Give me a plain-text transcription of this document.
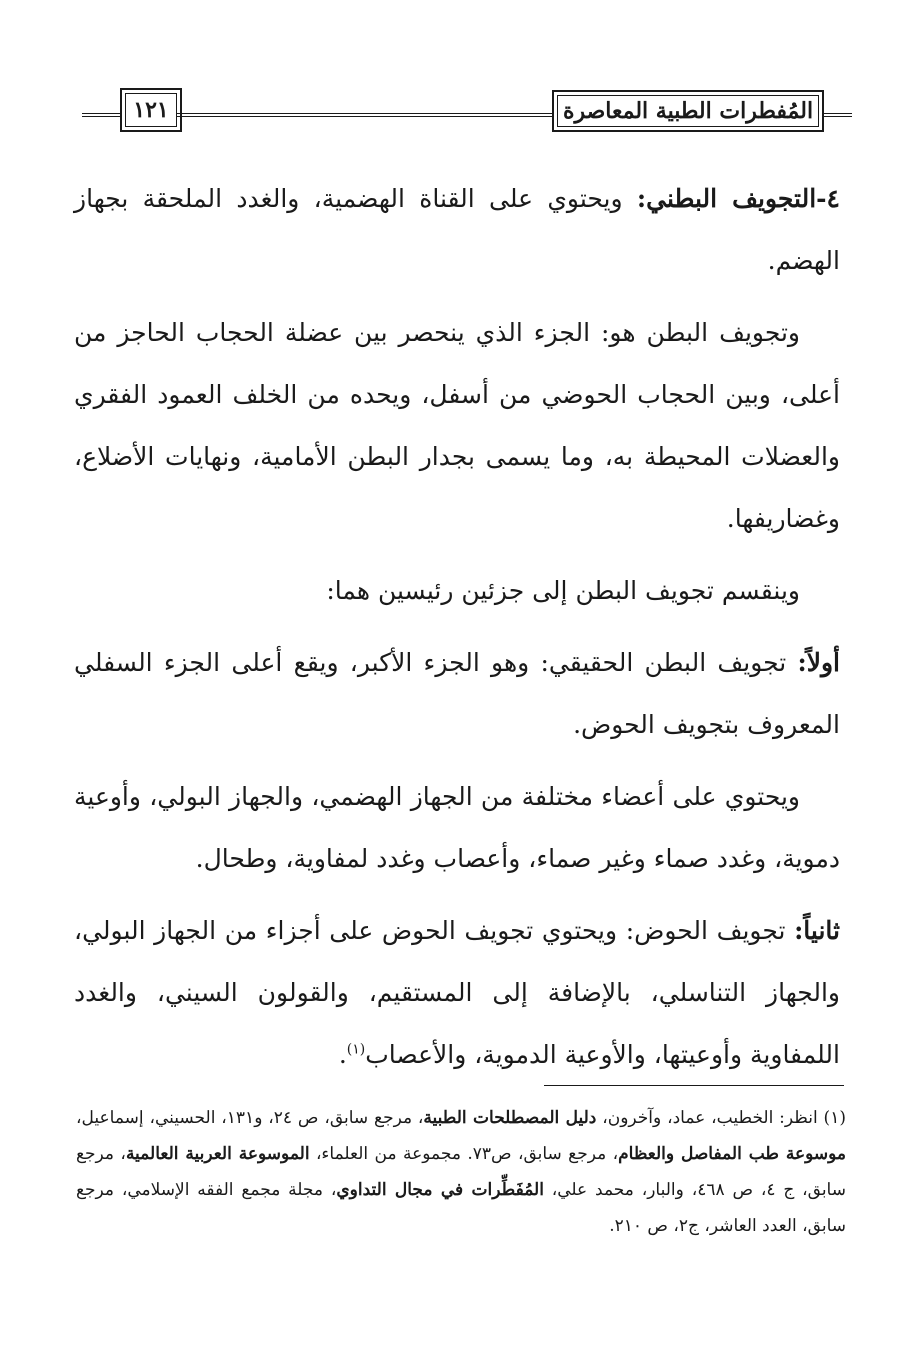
١٢١	المُفطرات الطبية المعاصرة

٤-التجويف البطني: ويحتوي على القناة الهضمية، والغدد الملحقة بجهاز الهضم.

وتجويف البطن هو: الجزء الذي ينحصر بين عضلة الحجاب الحاجز من أعلى، وبين الحجاب الحوضي من أسفل، ويحده من الخلف العمود الفقري والعضلات المحيطة به، وما يسمى بجدار البطن الأمامية، ونهايات الأضلاع، وغضاريفها.

وينقسم تجويف البطن إلى جزئين رئيسين هما:

أولاً: تجويف البطن الحقيقي: وهو الجزء الأكبر، ويقع أعلى الجزء السفلي المعروف بتجويف الحوض.

ويحتوي على أعضاء مختلفة من الجهاز الهضمي، والجهاز البولي، وأوعية دموية، وغدد صماء وغير صماء، وأعصاب وغدد لمفاوية، وطحال.

ثانياً: تجويف الحوض: ويحتوي تجويف الحوض على أجزاء من الجهاز البولي، والجهاز التناسلي، بالإضافة إلى المستقيم، والقولون السيني، والغدد اللمفاوية وأوعيتها، والأوعية الدموية، والأعصاب$^{(١)}$.

(١) انظر: الخطيب، عماد، وآخرون، دليل المصطلحات الطبية، مرجع سابق، ص ٢٤، و١٣١، الحسيني، إسماعيل، موسوعة طب المفاصل والعظام، مرجع سابق، ص٧٣. مجموعة من العلماء، الموسوعة العربية العالمية، مرجع سابق، ج ٤، ص ٤٦٨، والبار، محمد علي، المُفَطِّرات في مجال التداوي، مجلة مجمع الفقه الإسلامي، مرجع سابق، العدد العاشر، ج٢، ص ٢١٠.
